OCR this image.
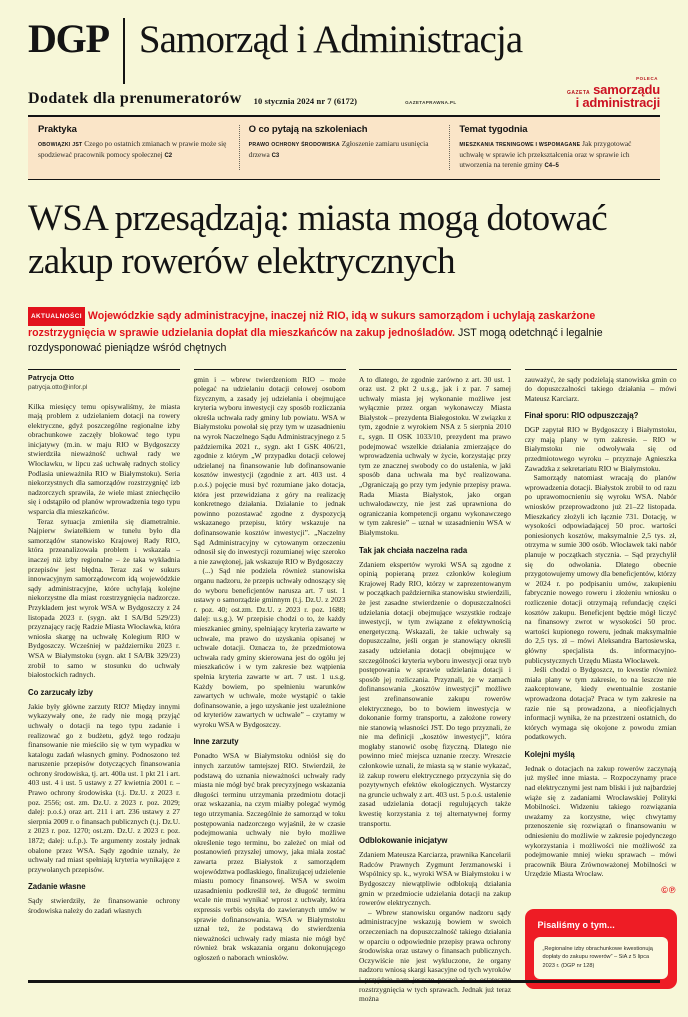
DGP Samorząd i Administracja
Dodatek dla prenumeratorów 10 stycznia 2024 nr 7 (6172)	GAZETAPRAWNA.PL
POLECA
GAZETA samorządu
i administracji
Praktyka
OBOWIĄZKI JST Czego po ostatnich zmianach w prawie może się spodziewać pracownik pomocy społecznej C2
O co pytają na szkoleniach
PRAWO OCHRONY ŚRODOWISKA Zgłoszenie zamiaru usunięcia drzewa C3
Temat tygodnia
MIESZKANIA TRENINGOWE I WSPOMAGANE Jak przygotować uchwałę w sprawie ich przekształcenia oraz w sprawie ich utworzenia na terenie gminy C4–5
WSA przesądzają: miasta mogą dotować
zakup rowerów elektrycznych
AKTUALNOŚCI Wojewódzkie sądy administracyjne, inaczej niż RIO, idą w sukurs samorządom i uchylają zaskarżone rozstrzygnięcia w sprawie udzielania dopłat dla mieszkańców na zakup jednośladów. JST mogą odetchnąć i legalnie rozdysponować pieniądze wśród chętnych
Patrycja Otto
patrycja.otto@infor.pl

Kilka miesięcy temu opisywaliśmy, że miasta mają problem z udzielaniem dotacji na rowery elektryczne, gdyż poszczególne regionalne izby obrachunkowe zaczęły blokować tego typu inicjatywy (m.in. w maju RIO w Bydgoszczy stwierdziła nieważność uchwał rady we Włocławku, w lipcu zaś uchwałę radnych stolicy Podlasia unieważniła RIO w Białymstoku). Seria niekorzystnych dla samorządów rozstrzygnięć izb nadzorczych sprawiła, że wiele miast zniechęciło się i odstąpiło od planów wprowadzenia tego typu wsparcia dla mieszkańców.

Teraz sytuacja zmieniła się diametralnie. Najpierw światełkiem w tunelu było dla samorządów stanowisko Krajowej Rady RIO, która przeanalizowała problem i wskazała – inaczej niż izby regionalne – że taka wykładnia przepisów jest błędna. Teraz zaś w sukurs innowacyjnym samorządowcom idą wojewódzkie sądy administracyjne, które uchylają kolejne niekorzystne dla miast rozstrzygnięcia nadzorcze. Przykładem jest wyrok WSA w Bydgoszczy z 24 listopada 2023 r. (sygn. akt I SA/Bd 529/23) przyznający rację Radzie Miasta Włocławka, która wniosła skargę na uchwałę Kolegium RIO w Bydgoszczy. Wcześniej w październiku 2023 r. WSA w Białymstoku (sygn. akt I SA/Bk 329/23) zrobił to samo w stosunku do uchwały białostockich radnych.

Co zarzucały izby

Jakie były główne zarzuty RIO? Między innymi wykazywały one, że rady nie mogą przyjąć uchwały o dotacji na tego typu zadanie i realizować go z budżetu, gdyż tego rodzaju finansowanie nie mieściło się w tym wypadku w katalogu zadań własnych gminy. Podnoszono też naruszenie przepisów dotyczących finansowania ochrony środowiska, tj. art. 400a ust. 1 pkt 21 i art. 403 ust. 4 i ust. 5 ustawy z 27 kwietnia 2001 r. – Prawo ochrony środowiska (t.j. Dz.U. z 2023 r. poz. 2556; ost. zm. Dz.U. z 2023 r. poz. 2029; dalej: p.o.ś.) oraz art. 211 i art. 236 ustawy z 27 sierpnia 2009 r. o finansach publicznych (t.j. Dz.U. z 2023 r. poz. 1270; ost.zm. Dz.U. z 2023 r. poz. 1872; dalej: u.f.p.). Te argumenty zostały jednak obalone przez WSA. Sądy zgodnie uznały, że uchwały rad miast spełniają kryteria wynikające z przywołanych przepisów.

Zadanie własne

Sądy stwierdziły, że finansowanie ochrony środowiska należy do zadań własnych

gmin i – wbrew twierdzeniom RIO – może polegać na udzielaniu dotacji celowej osobom fizycznym, a zasady jej udzielania i obejmujące kryteria wyboru inwestycji czy sposób rozliczania określa uchwała rady gminy lub powiatu. WSA w Białymstoku powołał się przy tym w uzasadnieniu na wyrok Naczelnego Sądu Administracyjnego z 5 października 2021 r., sygn. akt I GSK 406/21, zgodnie z którym „W przypadku dotacji celowej udzielanej na finansowanie lub dofinansowanie kosztów inwestycji (zgodnie z art. 403 ust. 4 p.o.ś.) pojęcie musi być rozumiane jako dotacja, która jest przewidziana z góry na realizację konkretnego działania. Działanie to jednak powinno pozostawać zgodne z dyspozycją wskazanego przepisu, który wskazuje na dofinansowanie kosztów inwestycji”. „Naczelny Sąd Administracyjny w cytowanym orzeczeniu odnosił się do inwestycji rozumianej więc szeroko a nie zawężonej, jak wskazuje RIO w Bydgoszczy

(...) Sąd nie podziela również stanowiska organu nadzoru, że przepis uchwały odnoszący się do wyboru beneficjentów narusza art. 7 ust. 1 ustawy o samorządzie gminnym (t.j. Dz.U. z 2023 r. poz. 40; ost.zm. Dz.U. z 2023 r. poz. 1688; dalej: u.s.g.). W przepisie chodzi o to, że każdy mieszkaniec gminy, spełniający kryteria zawarte w uchwale, ma prawo do uzyskania opisanej w uchwale dotacji. Oznacza to, że przedmiotowa uchwała rady gminy skierowana jest do ogółu jej mieszkańców i w tym zakresie bez wątpienia spełnia kryteria zawarte w art. 7 ust. 1 u.s.g. Każdy bowiem, po spełnieniu warunków zawartych w uchwale, może wystąpić o takie dofinansowanie, a jego uzyskanie jest uzależnione od kryteriów zawartych w uchwale” – czytamy w wyroku WSA w Bydgoszczy.

Inne zarzuty

Ponadto WSA w Białymstoku odniósł się do innych zarzutów tamtejszej RIO. Stwierdził, że podstawą do uznania nieważności uchwały rady miasta nie mógł być brak precyzyjnego wskazania długości terminu utrzymania przedmiotu dotacji oraz wskazania, na czym miałby polegać wymóg tego utrzymania. Szczególnie że samorząd w toku postępowania nadzorczego wyjaśnił, że w czasie podejmowania uchwały nie było możliwe określenie tego terminu, bo zależeć on miał od postanowień przyszłej umowy, jaka miała zostać zawarta przez Białystok z samorządem województwa podlaskiego, finalizującej udzielenie miastu pomocy finansowej. WSA w swoim uzasadnieniu podkreślił też, że długość terminu wcale nie musi wynikać wprost z uchwały, która expressis verbis odsyła do zawieranych umów w sprawie dofinansowania. WSA w Białymstoku uznał też, że podstawą do stwierdzenia nieważności uchwały rady miasta nie mógł być również brak wskazania organu dokonującego ogłoszeń o naborach wniosków.

A to dlatego, że zgodnie zarówno z art. 30 ust. 1 oraz ust. 2 pkt 2 u.s.g., jak i z par. 7 samej uchwały miasta jej wykonanie możliwe jest wyłącznie przez organ wykonawczy Miasta Białystok – prezydenta Białegostoku. W związku z tym, zgodnie z wyrokiem NSA z 5 sierpnia 2010 r., sygn. II OSK 1033/10, prezydent ma prawo podejmować wszelkie działania zmierzające do wprowadzenia uchwały w życie, korzystając przy tym ze znacznej swobody co do ustalenia, w jaki sposób dana uchwała ma być realizowana. „Ograniczają go przy tym jedynie przepisy prawa. Rada Miasta Białystok, jako organ uchwałodawczy, nie jest zaś uprawniona do ograniczania kompetencji organu wykonawczego w tym zakresie” – uznał w uzasadnieniu WSA w Białymstoku.

Tak jak chciała naczelna rada

Zdaniem ekspertów wyroki WSA są zgodne z opinią popieraną przez członków kolegium Krajowej Rady RIO, którzy w zaprezentowanym w początkach października stanowisku stwierdzili, że jest zasadne stwierdzenie o dopuszczalności udzielania dotacji obejmujące wszystkie rodzaje inwestycji, w tym związane z efektywnością energetyczną. Wskazali, że takie uchwały są dopuszczalne, jeśli organ je stanowiący określi zasady udzielania dotacji obejmujące w szczególności kryteria wyboru inwestycji oraz tryb postępowania w sprawie udzielania dotacji i sposób jej rozliczania. Przyznali, że w zamach dofinansowania „kosztów inwestycji” możliwe jest zrefinansowanie zakupu rowerów elektrycznego, bo to bowiem inwestycja w dokonanie formy transportu, a założone rowery nie stanowią własności JST. Do tego przyznali, że nie ma definicji „kosztów inwestycji”, która mogłaby stanowić osobę fizyczną. Dlatego nie powinno mieć miejsca uznanie rzeczy. Wreszcie członkowie uznali, że miasta są w stanie wykazać, iż zakup roweru elektrycznego przyczynia się do pozytywnych efektów ekologicznych. Wystarczy na gruncie uchwały z art. 403 ust. 5 p.o.ś. ustalenie zasad udzielania dotacji regulujących także kwestię korzystania z tej alternatywnej formy transportu.

Odblokowanie inicjatyw

Zdaniem Mateusza Karciarza, prawnika Kancelarii Radców Prawnych Zygmunt Jerzmanowski i Wspólnicy sp. k., wyroki WSA w Białymstoku i w Bydgoszczy niewątpliwie odblokują działania gmin w przedmiocie udzielania dotacji na zakup rowerów elektrycznych.

– Wbrew stanowisku organów nadzoru sądy administracyjne wskazują bowiem w swoich orzeczeniach na dopuszczalność takiego działania w oparciu o odpowiednie przepisy prawa ochrony środowiska oraz ustawy o finansach publicznych. Oczywiście nie jest wykluczone, że organy nadzoru wniosą skargi kasacyjne od tych wyroków i przyjdzie nam jeszcze poczekać na ostateczne rozstrzygnięcia w tych sprawach. Jednak już teraz można

zauważyć, że sądy podzielają stanowiska gmin co do dopuszczalności takiego działania – mówi Mateusz Karciarz.

Finał sporu: RIO odpuszczają?

DGP zapytał RIO w Bydgoszczy i Białymstoku, czy mają plany w tym zakresie. – RIO w Białymstoku nie odwoływała się od przedmiotowego wyroku – przyznaje Agnieszka Zawadzka z sekretariatu RIO w Białymstoku.

Samorządy natomiast wracają do planów wprowadzenia dotacji. Białystok zrobił to od razu po uprawomocnieniu się wyroku WSA. Nabór wniosków przeprowadzono już 21–22 listopada. Mieszkańcy złożyli ich łącznie 731. Dotację, w wysokości odpowiadającej 50 proc. wartości poniesionych kosztów, maksymalnie 2,5 tys. zł, otrzyma w sumie 300 osób. Włocławek taki nabór planuje w początkach stycznia. – Sąd przychylił się do odwołania. Dlatego obecnie przygotowujemy umowy dla beneficjentów, którzy w 2024 r. po podpisaniu umów, zakupieniu fabrycznie nowego roweru i złożeniu wniosku o rozliczenie dotacji otrzymają refundację części kosztów zakupu. Beneficjent będzie mógł liczyć na finansowy zwrot w wysokości 50 proc. wartości kupionego roweru, jednak maksymalnie do 2,5 tys. zł – mówi Aleksandra Bartosiewska, główny specjalista ds. informacyjno-publicystycznych Urzędu Miasta Włocławek.

Jeśli chodzi o Bydgoszcz, to kwestie również miała plany w tym zakresie, to na leszcze nie zaakceptowane, kiedy ewentualnie zostanie wprowadzona dotacja? Praca w tym zakresie na razie nie są prowadzona, a nieoficjalnych informacji wynika, że na przestrzeni ostatnich, do których wymaga się okojone z powodu zmian podatkowych.

Kolejni myślą

Jednak o dotacjach na zakup rowerów zaczynają już myśleć inne miasta. – Rozpoczynamy prace nad elektrycznymi jest nam bliski i już najbardziej wiąże się z zadaniami Wrocławskiej Polityki Mobilności. Widzeniu takiego rozwiązania uważamy za korzystne, więc chwytamy przenoszenie się rozwiązań o finansowaniu w odniesieniu do możliwie w zakresie pojedynczego wykorzystania i możliwości nie możliwość za podejmowanie mniej wieku sprawach – mówi pracownik Biura Zrównoważonej Mobilności w Urzędzie Miasta Wrocław.

©℗
Pisaliśmy o tym...
„Regionalne izby obrachunkowe kwestionują dopłaty do zakupu rowerów” – SiA z 5 lipca 2023 r. (DGP nr 128)
